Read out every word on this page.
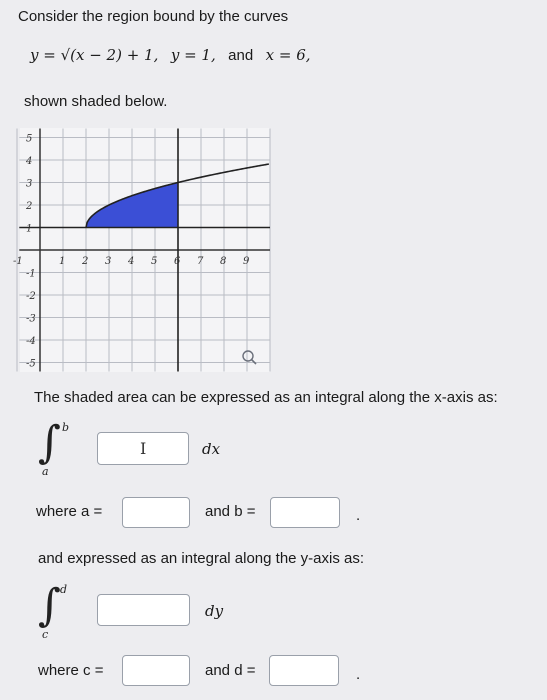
Consider the region bound by the curves
y = √(x − 2) + 1, y = 1, and x = 6,
shown shaded below.
-1	1 2 3 4 5 6 7 8 9
5
4
3
2
1
-1
-2
-3
-4
-5
The shaded area can be expressed as an integral along the x-axis as:
∫ b
a
I	dx
where a =	and b =	.
and expressed as an integral along the y-axis as:
∫ d
c
dy
where c =	and d =	.
